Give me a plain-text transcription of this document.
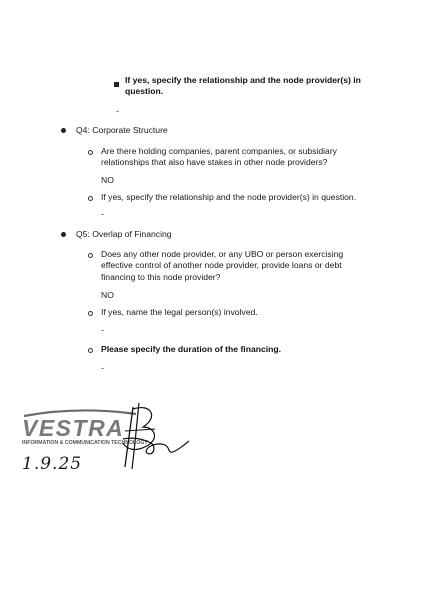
If yes, specify the relationship and the node provider(s) in question.
-
Q4: Corporate Structure
Are there holding companies, parent companies, or subsidiary relationships that also have stakes in other node providers?
NO
If yes, specify the relationship and the node provider(s) in question.
-
Q5: Overlap of Financing
Does any other node provider, or any UBO or person exercising effective control of another node provider, provide loans or debt financing to this node provider?
NO
If yes, name the legal person(s) involved.
-
Please specify the duration of the financing.
-
VESTRA
INFORMATION & COMMUNICATION TECHNOLOGY
1.9.25
